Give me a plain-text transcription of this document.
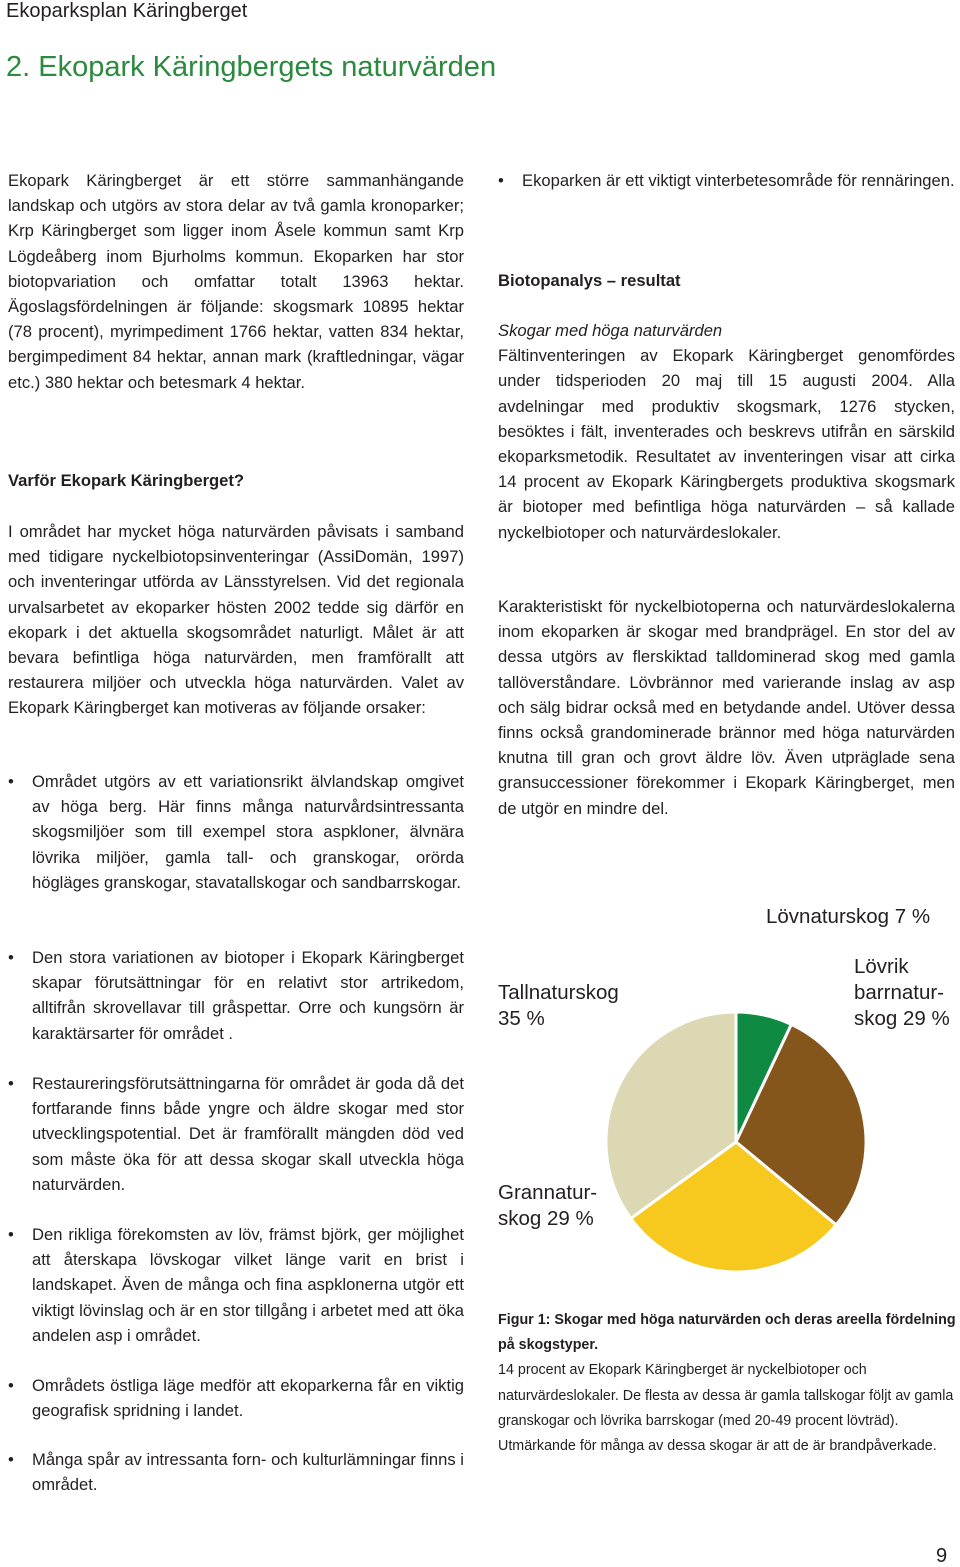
Ekoparksplan Käringberget
2. Ekopark Käringbergets naturvärden

Ekopark Käringberget är ett större sammanhängande landskap och utgörs av stora delar av två gamla kronoparker; Krp Käringberget som ligger inom Åsele kommun samt Krp Lögdeåberg inom Bjurholms kommun. Ekoparken har stor biotopvariation och omfattar totalt 13963 hektar. Ägoslagsfördelningen är följande: skogsmark 10895 hektar (78 procent), myrimpediment 1766 hektar, vatten 834 hektar, bergimpediment 84 hektar, annan mark (kraftledningar, vägar etc.) 380 hektar och betesmark 4 hektar.

Varför Ekopark Käringberget?

I området har mycket höga naturvärden påvisats i samband med tidigare nyckelbiotopsinventeringar (AssiDomän, 1997) och inventeringar utförda av Länsstyrelsen. Vid det regionala urvalsarbetet av ekoparker hösten 2002 tedde sig därför en ekopark i det aktuella skogsområdet naturligt. Målet är att bevara befintliga höga naturvärden, men framförallt att restaurera miljöer och utveckla höga naturvärden. Valet av Ekopark Käringberget kan motiveras av följande orsaker:

• Området utgörs av ett variationsrikt älvlandskap omgivet av höga berg. Här finns många naturvårdsintressanta skogsmiljöer som till exempel stora aspkloner, älvnära lövrika miljöer, gamla tall- och granskogar, orörda högläges granskogar, stavatallskogar och sandbarrskogar.
• Den stora variationen av biotoper i Ekopark Käringberget skapar förutsättningar för en relativt stor artrikedom, alltifrån skrovellavar till gråspettar. Orre och kungsörn är karaktärsarter för området .
• Restaureringsförutsättningarna för området är goda då det fortfarande finns både yngre och äldre skogar med stor utvecklingspotential. Det är framförallt mängden död ved som måste öka för att dessa skogar skall utveckla höga naturvärden.
• Den rikliga förekomsten av löv, främst björk, ger möjlighet att återskapa lövskogar vilket länge varit en brist i landskapet. Även de många och fina aspklonerna utgör ett viktigt lövinslag och är en stor tillgång i arbetet med att öka andelen asp i området.
• Områdets östliga läge medför att ekoparkerna får en viktig geografisk spridning i landet.
• Många spår av intressanta forn- och kulturlämningar finns i området.
• Ekoparken är ett viktigt vinterbetesområde för rennäringen.

Biotopanalys – resultat

Skogar med höga naturvärden

Fältinventeringen av Ekopark Käringberget genomfördes under tidsperioden 20 maj till 15 augusti 2004. Alla avdelningar med produktiv skogsmark, 1276 stycken, besöktes i fält, inventerades och beskrevs utifrån en särskild ekoparksmetodik. Resultatet av inventeringen visar att cirka 14 procent av Ekopark Käringbergets produktiva skogsmark är biotoper med befintliga höga naturvärden – så kallade nyckelbiotoper och naturvärdeslokaler.

Karakteristiskt för nyckelbiotoperna och naturvärdeslokalerna inom ekoparken är skogar med brandprägel. En stor del av dessa utgörs av flerskiktad talldominerad skog med gamla tallöverståndare. Lövbrännor med varierande inslag av asp och sälg bidrar också med en betydande andel. Utöver dessa finns också grandominerade brännor med höga naturvärden knutna till gran och grovt äldre löv. Även utpräglade sena gransuccessioner förekommer i Ekopark Käringberget, men de utgör en mindre del.

Lövnaturskog 7 %
Lövrik
barrnatur-
skog 29 %
Tallnaturskog
35 %
Grannatur-
skog 29 %

Figur 1: Skogar med höga naturvärden och deras areella fördelning på skogstyper.

14 procent av Ekopark Käringberget är nyckelbiotoper och naturvärdeslokaler. De flesta av dessa är gamla tallskogar följt av gamla granskogar och lövrika barrskogar (med 20-49 procent lövträd). Utmärkande för många av dessa skogar är att de är brandpåverkade.

9
